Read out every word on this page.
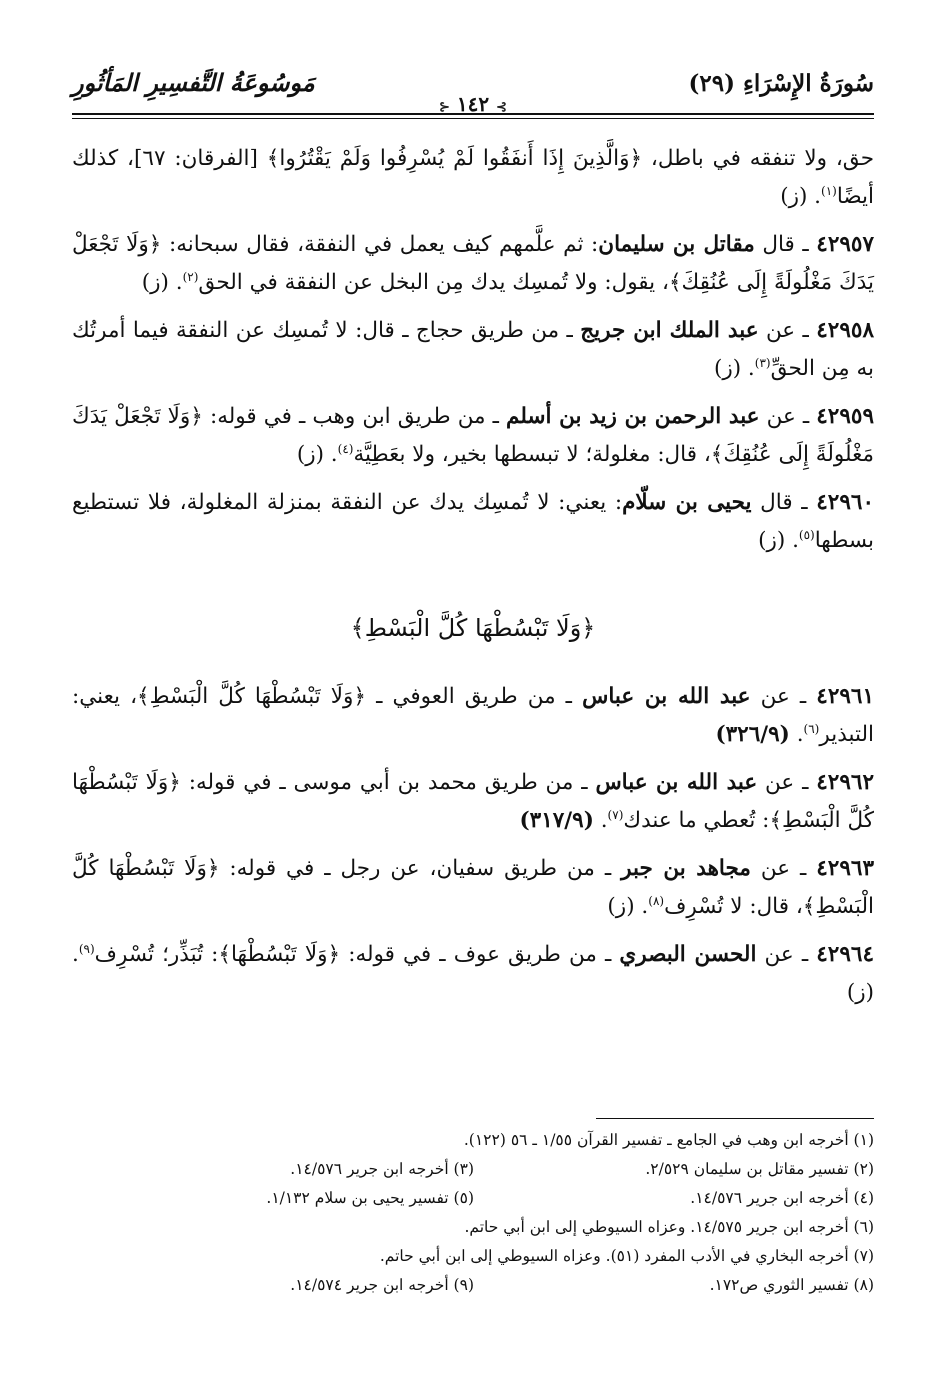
سُورَةُ الإِسْرَاءِ (٢٩)
⊱ ١٤٢ ⊰
مَوسُوعَةُ التَّفسِيرِ المَأثُورِ

حق، ولا تنفقه في باطل، ﴿وَالَّذِينَ إِذَا أَنفَقُوا لَمْ يُسْرِفُوا وَلَمْ يَقْتُرُوا﴾ [الفرقان: ٦٧]، كذلك أيضًا$^{(١)}$. (ز)

٤٢٩٥٧ ـ قال مقاتل بن سليمان: ثم علَّمهم كيف يعمل في النفقة، فقال سبحانه: ﴿وَلَا تَجْعَلْ يَدَكَ مَغْلُولَةً إِلَى عُنُقِكَ﴾، يقول: ولا تُمسِك يدك مِن البخل عن النفقة في الحق$^{(٢)}$. (ز)

٤٢٩٥٨ ـ عن عبد الملك ابن جريج ـ من طريق حجاج ـ قال: لا تُمسِك عن النفقة فيما أمرتُك به مِن الحقِّ$^{(٣)}$. (ز)

٤٢٩٥٩ ـ عن عبد الرحمن بن زيد بن أسلم ـ من طريق ابن وهب ـ في قوله: ﴿وَلَا تَجْعَلْ يَدَكَ مَغْلُولَةً إِلَى عُنُقِكَ﴾، قال: مغلولة؛ لا تبسطها بخير، ولا بعَطِيَّة$^{(٤)}$. (ز)

٤٢٩٦٠ ـ قال يحيى بن سلّام: يعني: لا تُمسِك يدك عن النفقة بمنزلة المغلولة، فلا تستطيع بسطها$^{(٥)}$. (ز)

﴿وَلَا تَبْسُطْهَا كُلَّ الْبَسْطِ﴾

٤٢٩٦١ ـ عن عبد الله بن عباس ـ من طريق العوفي ـ ﴿وَلَا تَبْسُطْهَا كُلَّ الْبَسْطِ﴾، يعني: التبذير$^{(٦)}$. (٣٢٦/٩)

٤٢٩٦٢ ـ عن عبد الله بن عباس ـ من طريق محمد بن أبي موسى ـ في قوله: ﴿وَلَا تَبْسُطْهَا كُلَّ الْبَسْطِ﴾: تُعطي ما عندك$^{(٧)}$. (٣١٧/٩)

٤٢٩٦٣ ـ عن مجاهد بن جبر ـ من طريق سفيان، عن رجل ـ في قوله: ﴿وَلَا تَبْسُطْهَا كُلَّ الْبَسْطِ﴾، قال: لا تُسْرِف$^{(٨)}$. (ز)

٤٢٩٦٤ ـ عن الحسن البصري ـ من طريق عوف ـ في قوله: ﴿وَلَا تَبْسُطْهَا﴾: تُبَذِّر؛ تُسْرِف$^{(٩)}$. (ز)

(١) أخرجه ابن وهب في الجامع ـ تفسير القرآن ١/٥٥ ـ ٥٦ (١٢٢).
(٢) تفسير مقاتل بن سليمان ٢/٥٢٩.
(٣) أخرجه ابن جرير ١٤/٥٧٦.
(٤) أخرجه ابن جرير ١٤/٥٧٦.
(٥) تفسير يحيى بن سلام ١/١٣٢.
(٦) أخرجه ابن جرير ١٤/٥٧٥. وعزاه السيوطي إلى ابن أبي حاتم.
(٧) أخرجه البخاري في الأدب المفرد (٥١). وعزاه السيوطي إلى ابن أبي حاتم.
(٨) تفسير الثوري ص١٧٢.
(٩) أخرجه ابن جرير ١٤/٥٧٤.
